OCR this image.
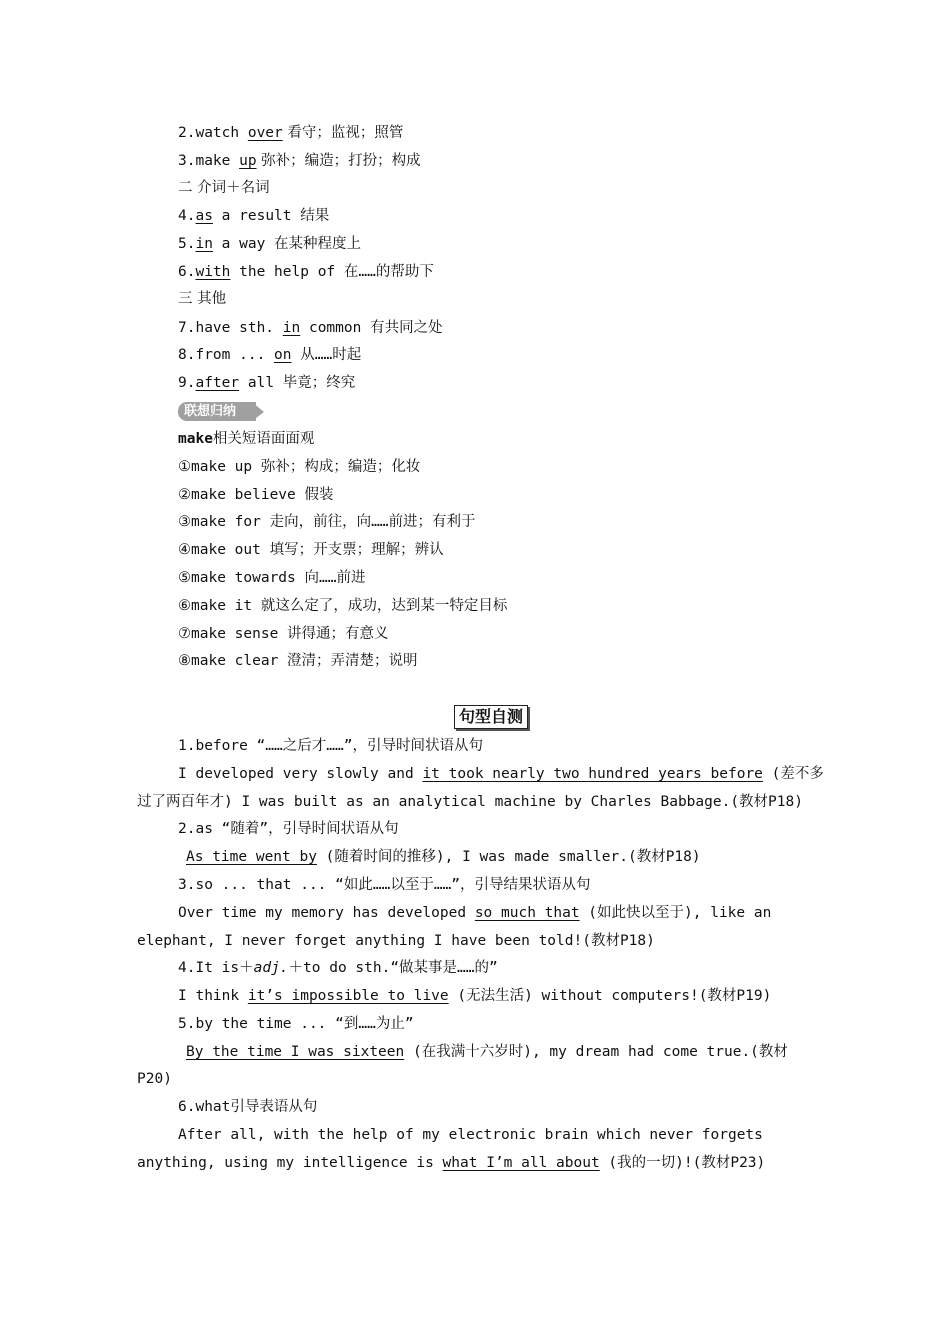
2.watch over 看守；监视；照管
3.make up 弥补；编造；打扮；构成
二 介词＋名词
4.as a result 结果
5.in a way 在某种程度上
6.with the help of 在……的帮助下
三 其他
7.have sth. in common 有共同之处
8.from ... on 从……时起
9.after all 毕竟；终究
联想归纳
make相关短语面面观
①make up 弥补；构成；编造；化妆
②make believe 假装
③make for 走向，前往，向……前进；有利于
④make out 填写；开支票；理解；辨认
⑤make towards 向……前进
⑥make it 就这么定了，成功，达到某一特定目标
⑦make sense 讲得通；有意义
⑧make clear 澄清；弄清楚；说明
句型自测
1.before “……之后才……”，引导时间状语从句
I developed very slowly and it took nearly two hundred years before (差不多
过了两百年才) I was built as an analytical machine by Charles Babbage.(教材P18)
2.as “随着”，引导时间状语从句
As time went by (随着时间的推移), I was made smaller.(教材P18)
3.so ... that ... “如此……以至于……”，引导结果状语从句
Over time my memory has developed so much that (如此快以至于), like an
elephant, I never forget anything I have been told!(教材P18)
4.It is＋adj.＋to do sth.“做某事是……的”
I think it’s impossible to live (无法生活) without computers!(教材P19)
5.by the time ... “到……为止”
By the time I was sixteen (在我满十六岁时), my dream had come true.(教材
P20)
6.what引导表语从句
After all, with the help of my electronic brain which never forgets
anything, using my intelligence is what I’m all about (我的一切)!(教材P23)
